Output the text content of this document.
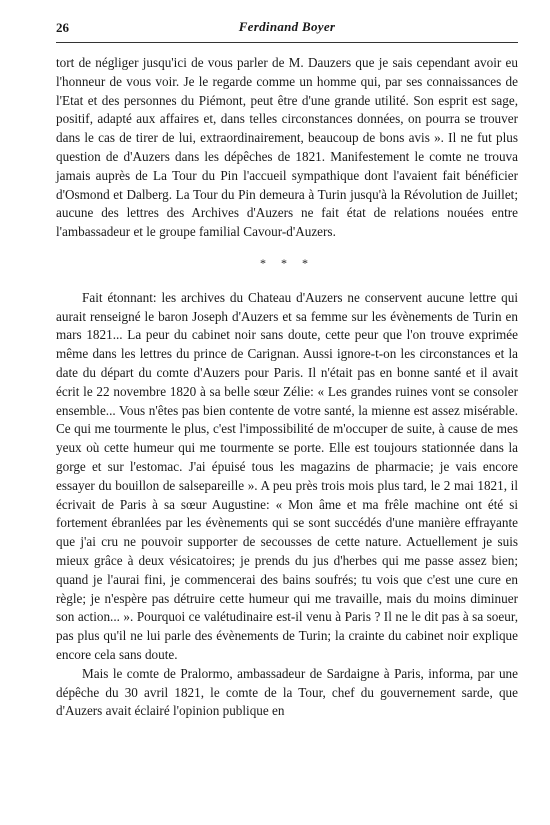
26	Ferdinand Boyer

tort de négliger jusqu'ici de vous parler de M. Dauzers que je sais cependant avoir eu l'honneur de vous voir. Je le regarde comme un homme qui, par ses connaissances de l'Etat et des personnes du Piémont, peut être d'une grande utilité. Son esprit est sage, positif, adapté aux affaires et, dans telles circonstances données, on pourra se trouver dans le cas de tirer de lui, extraordinairement, beaucoup de bons avis ». Il ne fut plus question de d'Auzers dans les dépêches de 1821. Manifestement le comte ne trouva jamais auprès de La Tour du Pin l'accueil sympathique dont l'avaient fait bénéficier d'Osmond et Dalberg. La Tour du Pin demeura à Turin jusqu'à la Révolution de Juillet; aucune des lettres des Archives d'Auzers ne fait état de relations nouées entre l'ambassadeur et le groupe familial Cavour-d'Auzers.

* * *

Fait étonnant: les archives du Chateau d'Auzers ne conservent aucune lettre qui aurait renseigné le baron Joseph d'Auzers et sa femme sur les évènements de Turin en mars 1821... La peur du cabinet noir sans doute, cette peur que l'on trouve exprimée même dans les lettres du prince de Carignan. Aussi ignore-t-on les circonstances et la date du départ du comte d'Auzers pour Paris. Il n'était pas en bonne santé et il avait écrit le 22 novembre 1820 à sa belle sœur Zélie: « Les grandes ruines vont se consoler ensemble... Vous n'êtes pas bien contente de votre santé, la mienne est assez misérable. Ce qui me tourmente le plus, c'est l'impossibilité de m'occuper de suite, à cause de mes yeux où cette humeur qui me tourmente se porte. Elle est toujours stationnée dans la gorge et sur l'estomac. J'ai épuisé tous les magazins de pharmacie; je vais encore essayer du bouillon de salsepareille ». A peu près trois mois plus tard, le 2 mai 1821, il écrivait de Paris à sa sœur Augustine: « Mon âme et ma frêle machine ont été si fortement ébranlées par les évènements qui se sont succédés d'une manière effrayante que j'ai cru ne pouvoir supporter de secousses de cette nature. Actuellement je suis mieux grâce à deux vésicatoires; je prends du jus d'herbes qui me passe assez bien; quand je l'aurai fini, je commencerai des bains soufrés; tu vois que c'est une cure en règle; je n'espère pas détruire cette humeur qui me travaille, mais du moins diminuer son action... ». Pourquoi ce valétudinaire est-il venu à Paris ? Il ne le dit pas à sa soeur, pas plus qu'il ne lui parle des évènements de Turin; la crainte du cabinet noir explique encore cela sans doute.

Mais le comte de Pralormo, ambassadeur de Sardaigne à Paris, informa, par une dépêche du 30 avril 1821, le comte de la Tour, chef du gouvernement sarde, que d'Auzers avait éclairé l'opinion publique en
